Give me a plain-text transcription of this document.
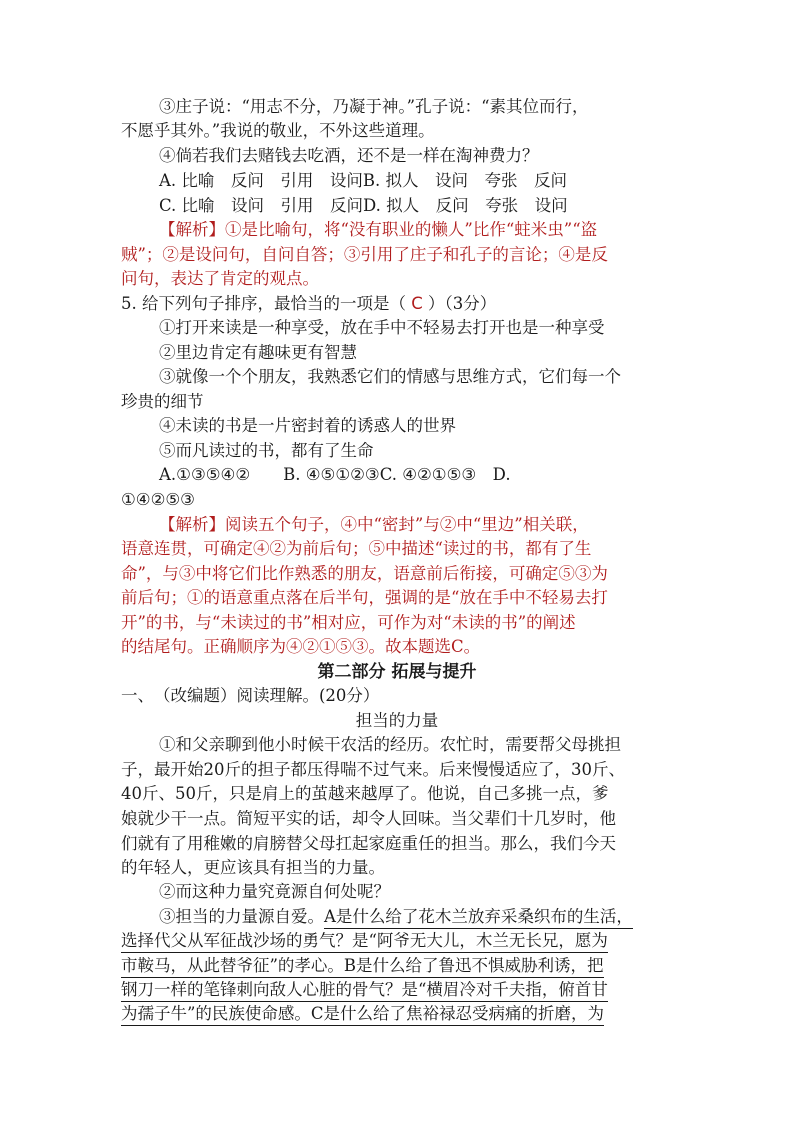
③庄子说：“用志不分，乃凝于神。”孔子说：“素其位而行，
不愿乎其外。”我说的敬业，不外这些道理。
④倘若我们去赌钱去吃酒，还不是一样在淘神费力？
A. 比喻　反问　引用　设问B. 拟人　设问　夸张　反问
C. 比喻　设问　引用　反问D. 拟人　反问　夸张　设问
【解析】①是比喻句，将“没有职业的懒人”比作“蛀米虫”“盗
贼”；②是设问句，自问自答；③引用了庄子和孔子的言论；④是反
问句，表达了肯定的观点。
5. 给下列句子排序，最恰当的一项是（ C ）（3分）
①打开来读是一种享受，放在手中不轻易去打开也是一种享受
②里边肯定有趣味更有智慧
③就像一个个朋友，我熟悉它们的情感与思维方式，它们每一个
珍贵的细节
④未读的书是一片密封着的诱惑人的世界
⑤而凡读过的书，都有了生命
A.①③⑤④②　　B. ④⑤①②③C. ④②①⑤③　D.
①④②⑤③
【解析】阅读五个句子，④中“密封”与②中“里边”相关联，
语意连贯，可确定④②为前后句；⑤中描述“读过的书，都有了生
命”，与③中将它们比作熟悉的朋友，语意前后衔接，可确定⑤③为
前后句；①的语意重点落在后半句，强调的是“放在手中不轻易去打
开”的书，与“未读过的书”相对应，可作为对“未读的书”的阐述
的结尾句。正确顺序为④②①⑤③。故本题选C。
第二部分 拓展与提升
一、　（改编题）阅读理解。(20分）
担当的力量
①和父亲聊到他小时候干农活的经历。农忙时，需要帮父母挑担
子，最开始20斤的担子都压得喘不过气来。后来慢慢适应了，30斤、
40斤、50斤，只是肩上的茧越来越厚了。他说，自己多挑一点，爹
娘就少干一点。简短平实的话，却令人回味。当父辈们十几岁时，他
们就有了用稚嫩的肩膀替父母扛起家庭重任的担当。那么，我们今天
的年轻人，更应该具有担当的力量。
②而这种力量究竟源自何处呢？
③担当的力量源自爱。A是什么给了花木兰放弃采桑织布的生活，
选择代父从军征战沙场的勇气？是“阿爷无大儿，木兰无长兄，愿为
市鞍马，从此替爷征”的孝心。B是什么给了鲁迅不惧威胁利诱，把
钢刀一样的笔锋刺向敌人心脏的骨气？是“横眉冷对千夫指，俯首甘
为孺子牛”的民族使命感。C是什么给了焦裕禄忍受病痛的折磨，为
